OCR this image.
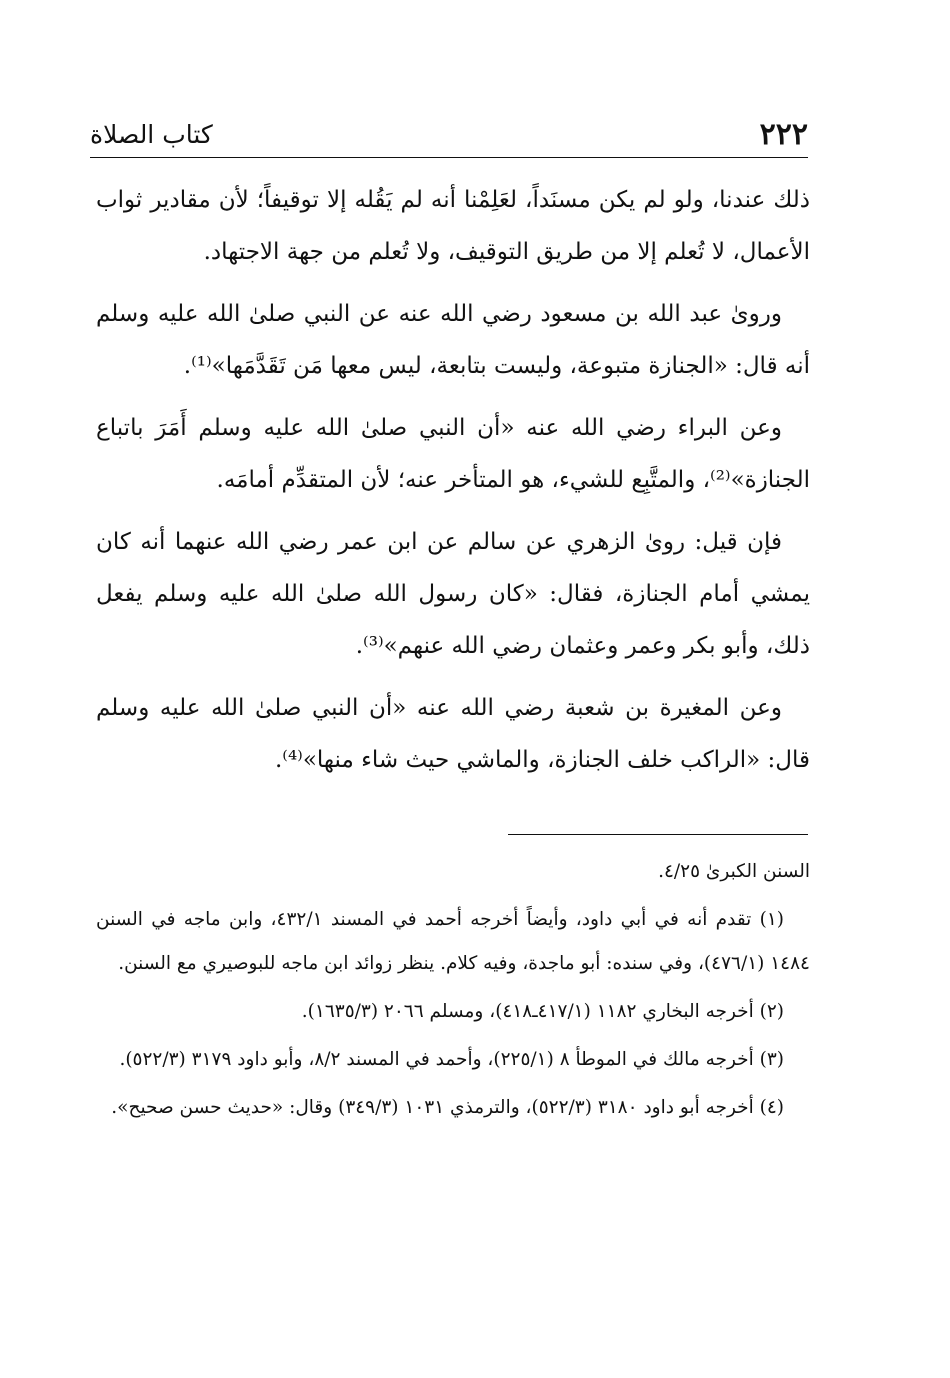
٢٢٢
كتاب الصلاة

ذلك عندنا، ولو لم يكن مسنَداً، لعَلِمْنا أنه لم يَقُله إلا توقيفاً؛ لأن مقادير ثواب الأعمال، لا تُعلم إلا من طريق التوقيف، ولا تُعلم من جهة الاجتهاد.

وروىٰ عبد الله بن مسعود رضي الله عنه عن النبي صلىٰ الله عليه وسلم أنه قال: «الجنازة متبوعة، وليست بتابعة، ليس معها مَن تَقَدَّمَها»⁽¹⁾.

وعن البراء رضي الله عنه «أن النبي صلىٰ الله عليه وسلم أَمَرَ باتباع الجنازة»⁽²⁾، والمتَّبِع للشيء، هو المتأخر عنه؛ لأن المتقدِّم أمامَه.

فإن قيل: روىٰ الزهري عن سالم عن ابن عمر رضي الله عنهما أنه كان يمشي أمام الجنازة، فقال: «كان رسول الله صلىٰ الله عليه وسلم يفعل ذلك، وأبو بكر وعمر وعثمان رضي الله عنهم»⁽³⁾.

وعن المغيرة بن شعبة رضي الله عنه «أن النبي صلىٰ الله عليه وسلم قال: «الراكب خلف الجنازة، والماشي حيث شاء منها»⁽⁴⁾.

السنن الكبرىٰ ٤/٢٥.

(١) تقدم أنه في أبي داود، وأيضاً أخرجه أحمد في المسند ٤٣٢/١، وابن ماجه في السنن ١٤٨٤ (٤٧٦/١)، وفي سنده: أبو ماجدة، وفيه كلام. ينظر زوائد ابن ماجه للبوصيري مع السنن.

(٢) أخرجه البخاري ١١٨٢ (٤١٧/١ـ٤١٨)، ومسلم ٢٠٦٦ (١٦٣٥/٣).

(٣) أخرجه مالك في الموطأ ٨ (٢٢٥/١)، وأحمد في المسند ٨/٢، وأبو داود ٣١٧٩ (٥٢٢/٣).

(٤) أخرجه أبو داود ٣١٨٠ (٥٢٢/٣)، والترمذي ١٠٣١ (٣٤٩/٣) وقال: «حديث حسن صحيح».
